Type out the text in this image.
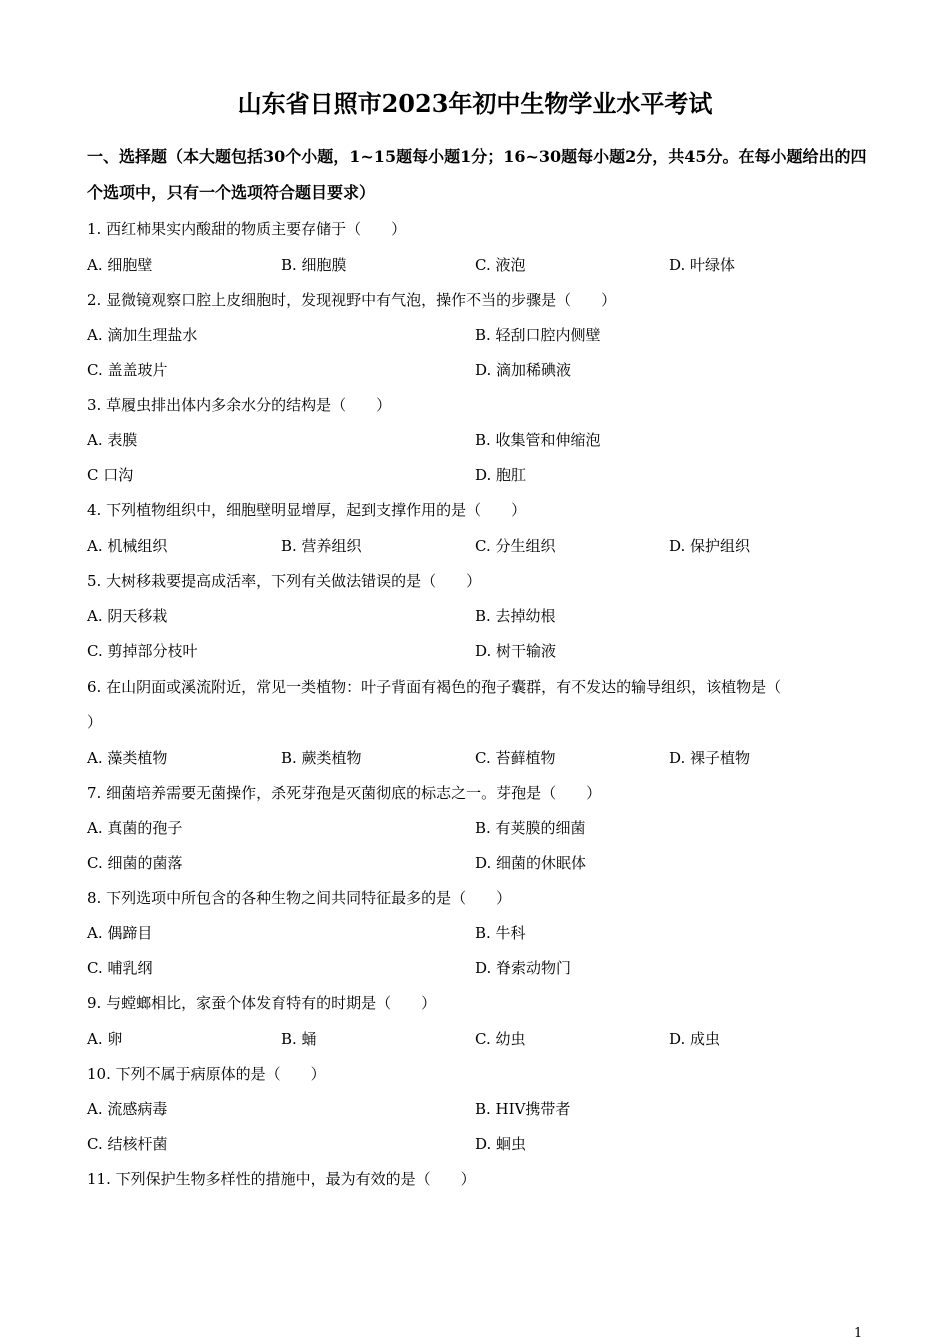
山东省日照市2023年初中生物学业水平考试
一、选择题（本大题包括30个小题，1~15题每小题1分；16~30题每小题2分，共45分。在每小题给出的四个选项中，只有一个选项符合题目要求）
1. 西红柿果实内酸甜的物质主要存储于（　　）
A. 细胞壁	B. 细胞膜	C. 液泡	D. 叶绿体
2. 显微镜观察口腔上皮细胞时，发现视野中有气泡，操作不当的步骤是（　　）
A. 滴加生理盐水	B. 轻刮口腔内侧壁
C. 盖盖玻片	D. 滴加稀碘液
3. 草履虫排出体内多余水分的结构是（　　）
A. 表膜	B. 收集管和伸缩泡
C 口沟	D. 胞肛
4. 下列植物组织中，细胞壁明显增厚，起到支撑作用的是（　　）
A. 机械组织	B. 营养组织	C. 分生组织	D. 保护组织
5. 大树移栽要提高成活率，下列有关做法错误的是（　　）
A. 阴天移栽	B. 去掉幼根
C. 剪掉部分枝叶	D. 树干输液
6. 在山阴面或溪流附近，常见一类植物：叶子背面有褐色的孢子囊群，有不发达的输导组织，该植物是（
）
A. 藻类植物	B. 蕨类植物	C. 苔藓植物	D. 裸子植物
7. 细菌培养需要无菌操作，杀死芽孢是灭菌彻底的标志之一。芽孢是（　　）
A. 真菌的孢子	B. 有荚膜的细菌
C. 细菌的菌落	D. 细菌的休眠体
8. 下列选项中所包含的各种生物之间共同特征最多的是（　　）
A. 偶蹄目	B. 牛科
C. 哺乳纲	D. 脊索动物门
9. 与螳螂相比，家蚕个体发育特有的时期是（　　）
A. 卵	B. 蛹	C. 幼虫	D. 成虫
10. 下列不属于病原体的是（　　）
A. 流感病毒	B. HIV携带者
C. 结核杆菌	D. 蛔虫
11. 下列保护生物多样性的措施中，最为有效的是（　　）
1
